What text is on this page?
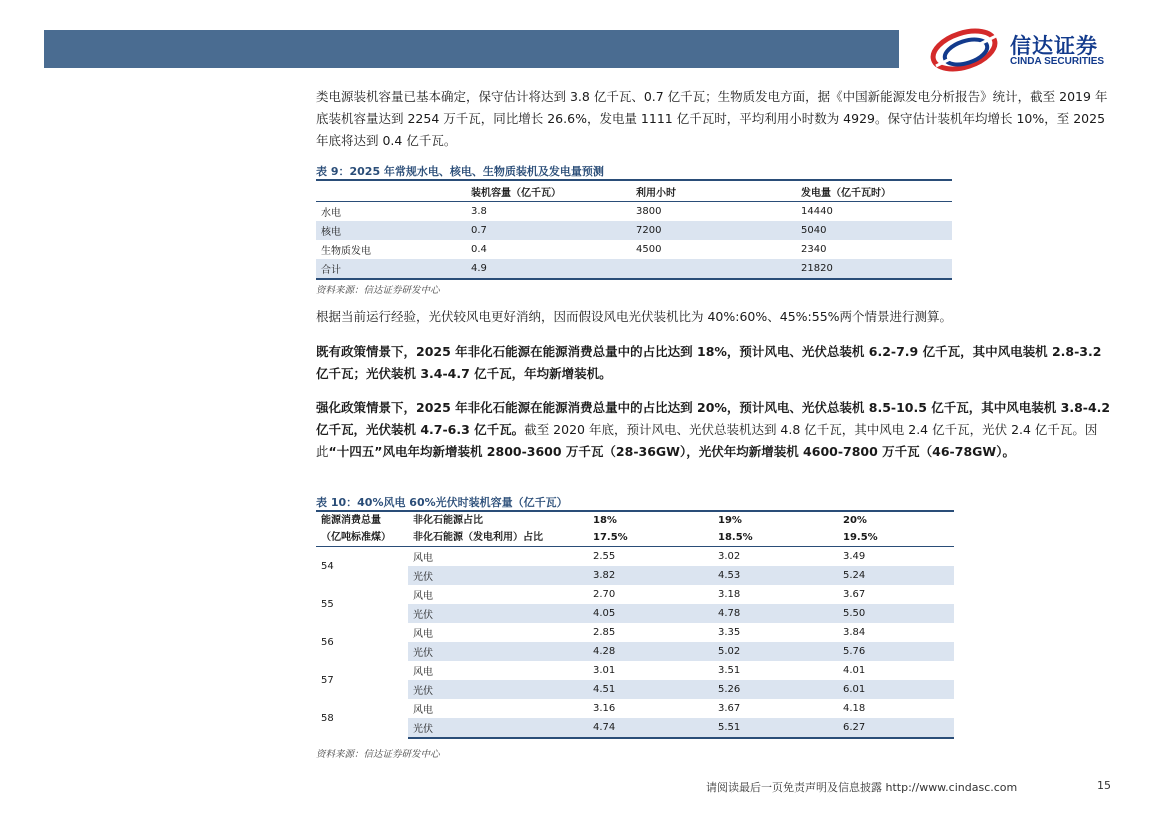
信达证券
CINDA SECURITIES

类电源装机容量已基本确定，保守估计将达到 3.8 亿千瓦、0.7 亿千瓦；生物质发电方面，据《中国新能源发电分析报告》统计，截至 2019 年底装机容量达到 2254 万千瓦，同比增长 26.6%，发电量 1111 亿千瓦时，平均利用小时数为 4929。保守估计装机年均增长 10%，至 2025 年底将达到 0.4 亿千瓦。

表 9：2025 年常规水电、核电、生物质装机及发电量预测
	装机容量（亿千瓦）	利用小时	发电量（亿千瓦时）
水电	3.8	3800	14440
核电	0.7	7200	5040
生物质发电	0.4	4500	2340
合计	4.9		21820
资料来源：信达证券研发中心

根据当前运行经验，光伏较风电更好消纳，因而假设风电光伏装机比为 40%:60%、45%:55%两个情景进行测算。

既有政策情景下，2025 年非化石能源在能源消费总量中的占比达到 18%，预计风电、光伏总装机 6.2-7.9 亿千瓦，其中风电装机 2.8-3.2 亿千瓦；光伏装机 3.4-4.7 亿千瓦，年均新增装机。

强化政策情景下，2025 年非化石能源在能源消费总量中的占比达到 20%，预计风电、光伏总装机 8.5-10.5 亿千瓦，其中风电装机 3.8-4.2 亿千瓦，光伏装机 4.7-6.3 亿千瓦。截至 2020 年底，预计风电、光伏总装机达到 4.8 亿千瓦，其中风电 2.4 亿千瓦，光伏 2.4 亿千瓦。因此“十四五”风电年均新增装机 2800-3600 万千瓦（28-36GW），光伏年均新增装机 4600-7800 万千瓦（46-78GW）。

表 10：40%风电 60%光伏时装机容量（亿千瓦）
能源消费总量	非化石能源占比	18%	19%	20%
（亿吨标准煤）	非化石能源（发电利用）占比	17.5%	18.5%	19.5%
54	风电	2.55	3.02	3.49
	光伏	3.82	4.53	5.24
55	风电	2.70	3.18	3.67
	光伏	4.05	4.78	5.50
56	风电	2.85	3.35	3.84
	光伏	4.28	5.02	5.76
57	风电	3.01	3.51	4.01
	光伏	4.51	5.26	6.01
58	风电	3.16	3.67	4.18
	光伏	4.74	5.51	6.27
资料来源：信达证券研发中心
请阅读最后一页免责声明及信息披露 http://www.cindasc.com	15
